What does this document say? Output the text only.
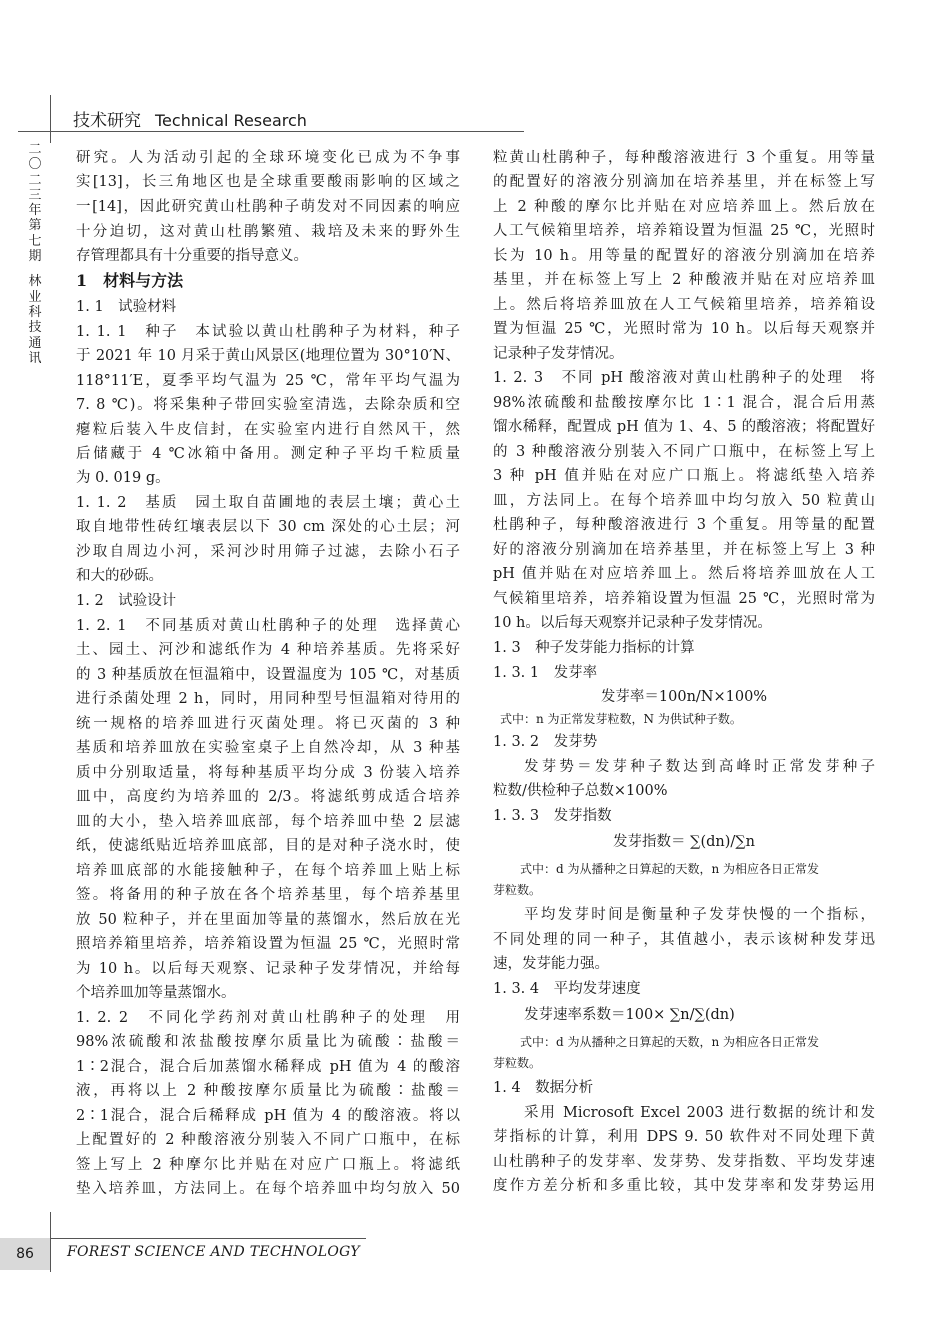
技术研究 Technical Research
二〇二三年第七期
林业科技通讯
研究。人为活动引起的全球环境变化已成为不争事
实[13]，长三角地区也是全球重要酸雨影响的区域之
一[14]，因此研究黄山杜鹃种子萌发对不同因素的响应
十分迫切，这对黄山杜鹃繁殖、栽培及未来的野外生
存管理都具有十分重要的指导意义。
1　材料与方法
1. 1　试验材料
1. 1. 1　种子　本试验以黄山杜鹃种子为材料，种子
于 2021 年 10 月采于黄山风景区(地理位置为 30°10′N、
118°11′E，夏季平均气温为 25 ℃，常年平均气温为
7. 8 ℃)。将采集种子带回实验室清选，去除杂质和空
瘪粒后装入牛皮信封，在实验室内进行自然风干，然
后储藏于 4 ℃冰箱中备用。测定种子平均千粒质量
为 0. 019 g。
1. 1. 2　基质　园土取自苗圃地的表层土壤；黄心土
取自地带性砖红壤表层以下 30 cm 深处的心土层；河
沙取自周边小河，采河沙时用筛子过滤，去除小石子
和大的砂砾。
1. 2　试验设计
1. 2. 1　不同基质对黄山杜鹃种子的处理　选择黄心
土、园土、河沙和滤纸作为 4 种培养基质。先将采好
的 3 种基质放在恒温箱中，设置温度为 105 ℃，对基质
进行杀菌处理 2 h，同时，用同种型号恒温箱对待用的
统一规格的培养皿进行灭菌处理。将已灭菌的 3 种
基质和培养皿放在实验室桌子上自然冷却，从 3 种基
质中分别取适量，将每种基质平均分成 3 份装入培养
皿中，高度约为培养皿的 2/3。将滤纸剪成适合培养
皿的大小，垫入培养皿底部，每个培养皿中垫 2 层滤
纸，使滤纸贴近培养皿底部，目的是对种子浇水时，使
培养皿底部的水能接触种子，在每个培养皿上贴上标
签。将备用的种子放在各个培养基里，每个培养基里
放 50 粒种子，并在里面加等量的蒸馏水，然后放在光
照培养箱里培养，培养箱设置为恒温 25 ℃，光照时常
为 10 h。以后每天观察、记录种子发芽情况，并给每
个培养皿加等量蒸馏水。
1. 2. 2　不同化学药剂对黄山杜鹃种子的处理　用
98%浓硫酸和浓盐酸按摩尔质量比为硫酸∶盐酸＝
1∶2混合，混合后加蒸馏水稀释成 pH 值为 4 的酸溶
液，再将以上 2 种酸按摩尔质量比为硫酸∶盐酸＝
2∶1混合，混合后稀释成 pH 值为 4 的酸溶液。将以
上配置好的 2 种酸溶液分别装入不同广口瓶中，在标
签上写上 2 种摩尔比并贴在对应广口瓶上。将滤纸
垫入培养皿，方法同上。在每个培养皿中均匀放入 50
粒黄山杜鹃种子，每种酸溶液进行 3 个重复。用等量
的配置好的溶液分别滴加在培养基里，并在标签上写
上 2 种酸的摩尔比并贴在对应培养皿上。然后放在
人工气候箱里培养，培养箱设置为恒温 25 ℃，光照时
长为 10 h。用等量的配置好的溶液分别滴加在培养
基里，并在标签上写上 2 种酸液并贴在对应培养皿
上。然后将培养皿放在人工气候箱里培养，培养箱设
置为恒温 25 ℃，光照时常为 10 h。以后每天观察并
记录种子发芽情况。
1. 2. 3　不同 pH 酸溶液对黄山杜鹃种子的处理　将
98%浓硫酸和盐酸按摩尔比 1∶1 混合，混合后用蒸
馏水稀释，配置成 pH 值为 1、4、5 的酸溶液；将配置好
的 3 种酸溶液分别装入不同广口瓶中，在标签上写上
3 种 pH 值并贴在对应广口瓶上。将滤纸垫入培养
皿，方法同上。在每个培养皿中均匀放入 50 粒黄山
杜鹃种子，每种酸溶液进行 3 个重复。用等量的配置
好的溶液分别滴加在培养基里，并在标签上写上 3 种
pH 值并贴在对应培养皿上。然后将培养皿放在人工
气候箱里培养，培养箱设置为恒温 25 ℃，光照时常为
10 h。以后每天观察并记录种子发芽情况。
1. 3　种子发芽能力指标的计算
1. 3. 1　发芽率
发芽率＝100n/N×100%
式中：n 为正常发芽粒数，N 为供试种子数。
1. 3. 2　发芽势
发芽势＝发芽种子数达到高峰时正常发芽种子
粒数/供检种子总数×100%
1. 3. 3　发芽指数
发芽指数＝ ∑(dn)/∑n
式中：d 为从播种之日算起的天数，n 为相应各日正常发
芽粒数。
平均发芽时间是衡量种子发芽快慢的一个指标，
不同处理的同一种子，其值越小，表示该树种发芽迅
速，发芽能力强。
1. 3. 4　平均发芽速度
发芽速率系数＝100× ∑n/∑(dn)
式中：d 为从播种之日算起的天数，n 为相应各日正常发
芽粒数。
1. 4　数据分析
采用 Microsoft Excel 2003 进行数据的统计和发
芽指标的计算，利用 DPS 9. 50 软件对不同处理下黄
山杜鹃种子的发芽率、发芽势、发芽指数、平均发芽速
度作方差分析和多重比较，其中发芽率和发芽势运用
86	FOREST SCIENCE AND TECHNOLOGY
